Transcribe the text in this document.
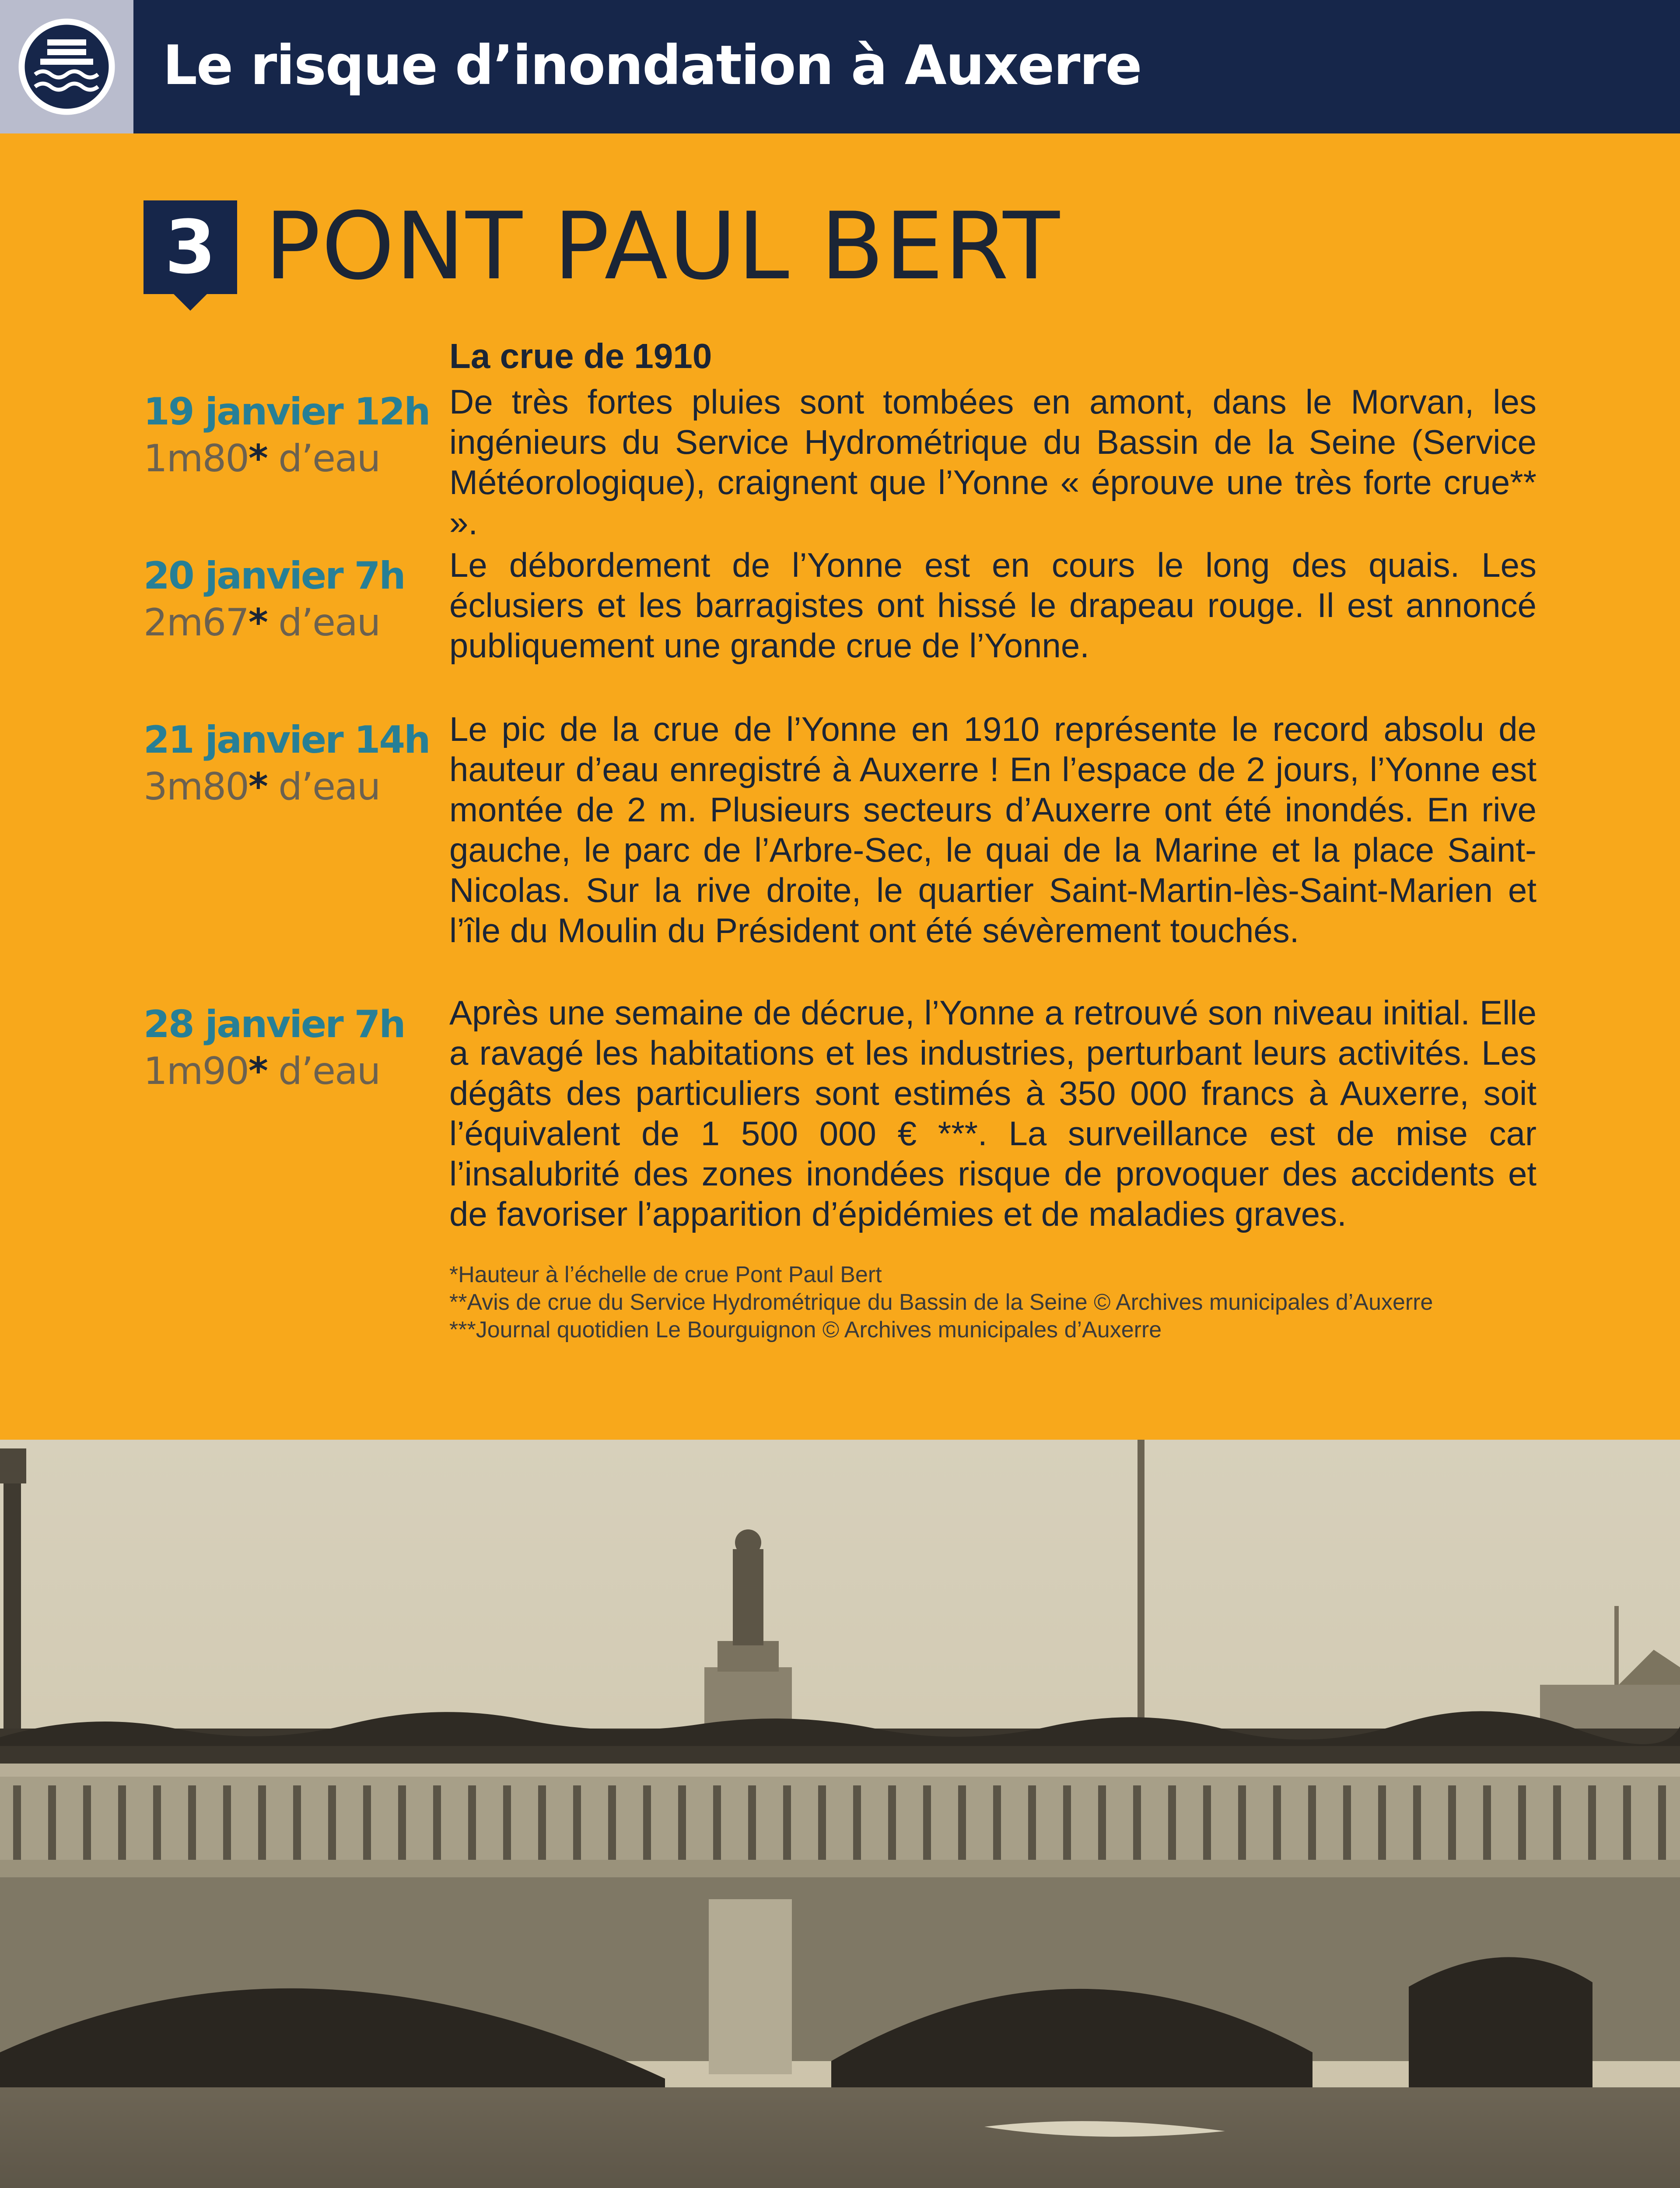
Le risque d’inondation à Auxerre
3 PONT PAUL BERT
La crue de 1910
19 janvier 12h
1m80* d’eau
20 janvier 7h
2m67* d’eau
21 janvier 14h
3m80* d’eau
28 janvier 7h
1m90* d’eau
De très fortes pluies sont tombées en amont, dans le Morvan, les ingénieurs du Service Hydrométrique du Bassin de la Seine (Service Météorologique), craignent que l’Yonne « éprouve une très forte crue** ».
Le débordement de l’Yonne est en cours le long des quais. Les éclusiers et les barragistes ont hissé le drapeau rouge. Il est annoncé publiquement une grande crue de l’Yonne.
Le pic de la crue de l’Yonne en 1910 représente le record absolu de hauteur d’eau enregistré à Auxerre ! En l’espace de 2 jours, l’Yonne est montée de 2 m. Plusieurs secteurs d’Auxerre ont été inondés. En rive gauche, le parc de l’Arbre-Sec, le quai de la Marine et la place Saint-Nicolas. Sur la rive droite, le quartier Saint-Martin-lès-Saint-Marien et l’île du Moulin du Président ont été sévèrement touchés.
Après une semaine de décrue, l’Yonne a retrouvé son niveau initial. Elle a ravagé les habitations et les industries, perturbant leurs activités. Les dégâts des particuliers sont estimés à 350 000 francs à Auxerre, soit l’équivalent de 1 500 000 € ***. La surveillance est de mise car l’insalubrité des zones inondées risque de provoquer des accidents et de favoriser l’apparition d’épidémies et de maladies graves.
*Hauteur à l’échelle de crue Pont Paul Bert
**Avis de crue du Service Hydrométrique du Bassin de la Seine © Archives municipales d’Auxerre
***Journal quotidien Le Bourguignon © Archives municipales d’Auxerre
